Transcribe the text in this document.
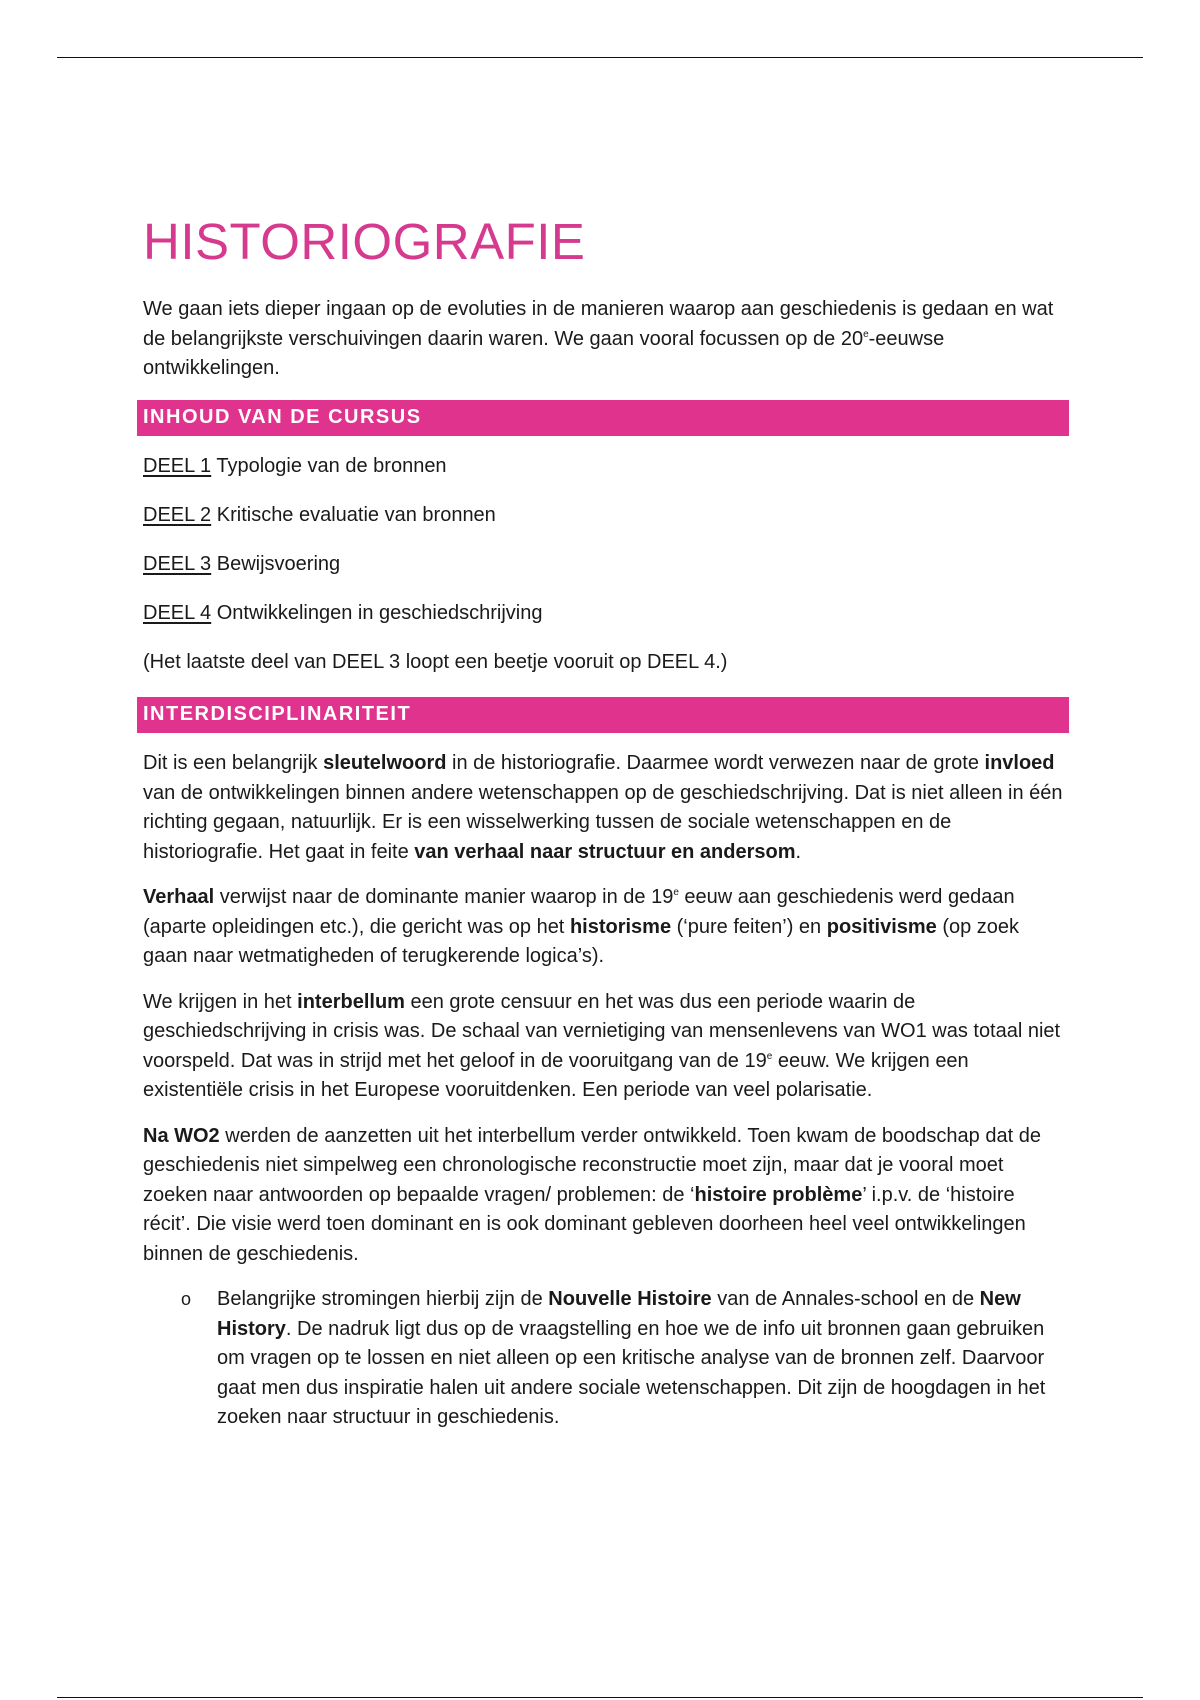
HISTORIOGRAFIE

We gaan iets dieper ingaan op de evoluties in de manieren waarop aan geschiedenis is gedaan en wat de belangrijkste verschuivingen daarin waren. We gaan vooral focussen op de 20e-eeuwse ontwikkelingen.

INHOUD VAN DE CURSUS
DEEL 1 Typologie van de bronnen
DEEL 2 Kritische evaluatie van bronnen
DEEL 3 Bewijsvoering
DEEL 4 Ontwikkelingen in geschiedschrijving

(Het laatste deel van DEEL 3 loopt een beetje vooruit op DEEL 4.)

INTERDISCIPLINARITEIT

Dit is een belangrijk sleutelwoord in de historiografie. Daarmee wordt verwezen naar de grote invloed van de ontwikkelingen binnen andere wetenschappen op de geschiedschrijving. Dat is niet alleen in één richting gegaan, natuurlijk. Er is een wisselwerking tussen de sociale wetenschappen en de historiografie. Het gaat in feite van verhaal naar structuur en andersom.

Verhaal verwijst naar de dominante manier waarop in de 19e eeuw aan geschiedenis werd gedaan (aparte opleidingen etc.), die gericht was op het historisme (‘pure feiten’) en positivisme (op zoek gaan naar wetmatigheden of terugkerende logica’s).

We krijgen in het interbellum een grote censuur en het was dus een periode waarin de geschiedschrijving in crisis was. De schaal van vernietiging van mensenlevens van WO1 was totaal niet voorspeld. Dat was in strijd met het geloof in de vooruitgang van de 19e eeuw. We krijgen een existentiële crisis in het Europese vooruitdenken. Een periode van veel polarisatie.

Na WO2 werden de aanzetten uit het interbellum verder ontwikkeld. Toen kwam de boodschap dat de geschiedenis niet simpelweg een chronologische reconstructie moet zijn, maar dat je vooral moet zoeken naar antwoorden op bepaalde vragen/ problemen: de ‘histoire problème’ i.p.v. de ‘histoire récit’. Die visie werd toen dominant en is ook dominant gebleven doorheen heel veel ontwikkelingen binnen de geschiedenis.

o Belangrijke stromingen hierbij zijn de Nouvelle Histoire van de Annales-school en de New History. De nadruk ligt dus op de vraagstelling en hoe we de info uit bronnen gaan gebruiken om vragen op te lossen en niet alleen op een kritische analyse van de bronnen zelf. Daarvoor gaat men dus inspiratie halen uit andere sociale wetenschappen. Dit zijn de hoogdagen in het zoeken naar structuur in geschiedenis.
